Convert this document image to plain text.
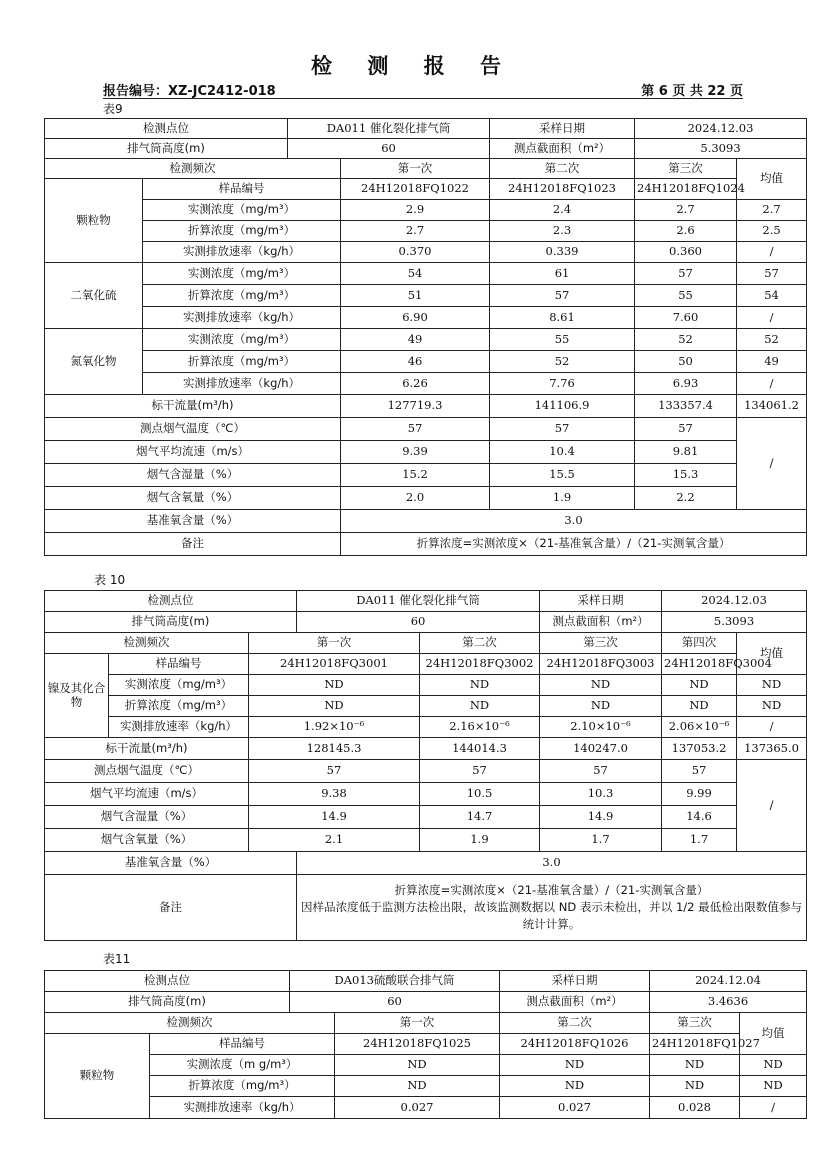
检 测 报 告
报告编号：XZ-JC2412-018	第 6 页 共 22 页
表9
检测点位		DA011 催化裂化排气筒		采样日期	2024.12.03	
排气筒高度(m)		60		测点截面积（m²）	5.3093	
检测频次			第一次	第二次	第三次	均值
颗粒物	样品编号		24H12018FQ1022	24H12018FQ1023	24H12018FQ1024	
	实测浓度（mg/m³）		2.9	2.4	2.7	2.7
	折算浓度（mg/m³）		2.7	2.3	2.6	2.5
	实测排放速率（kg/h）		0.370	0.339	0.360	/
二氧化硫	实测浓度（mg/m³）		54	61	57	57
	折算浓度（mg/m³）		51	57	55	54
	实测排放速率（kg/h）		6.90	8.61	7.60	/
氮氧化物	实测浓度（mg/m³）		49	55	52	52
	折算浓度（mg/m³）		46	52	50	49
	实测排放速率（kg/h）		6.26	7.76	6.93	/
标干流量(m³/h)			127719.3	141106.9	133357.4	134061.2
测点烟气温度（℃）			57	57	57	/
烟气平均流速（m/s）			9.39	10.4	9.81	
烟气含湿量（%）			15.2	15.5	15.3	
烟气含氧量（%）			2.0	1.9	2.2	
基准氧含量（%）			3.0			
备注			折算浓度=实测浓度×（21-基准氧含量）/（21-实测氧含量）			
表 10
检测点位			DA011 催化裂化排气筒		采样日期	2024.12.03	
排气筒高度(m)			60		测点截面积（m²）	5.3093	
检测频次		第一次		第二次	第三次	第四次	均值
镍及其化合物	样品编号	24H12018FQ3001		24H12018FQ3002	24H12018FQ3003	24H12018FQ3004	
	实测浓度（mg/m³）	ND		ND	ND	ND	ND
	折算浓度（mg/m³）	ND		ND	ND	ND	ND
	实测排放速率（kg/h）	1.92×10⁻⁶		2.16×10⁻⁶	2.10×10⁻⁶	2.06×10⁻⁶	/
标干流量(m³/h)		128145.3		144014.3	140247.0	137053.2	137365.0
测点烟气温度（℃）		57		57	57	57	/
烟气平均流速（m/s）		9.38		10.5	10.3	9.99	
烟气含湿量（%）		14.9		14.7	14.9	14.6	
烟气含氧量（%）		2.1		1.9	1.7	1.7	
基准氧含量（%）			3.0				
备注			折算浓度=实测浓度×（21-基准氧含量）/（21-实测氧含量）
因样品浓度低于监测方法检出限，故该监测数据以 ND 表示未检出，并以 1/2 最低检出限数值参与统计计算。				
表11
检测点位		DA013硫酸联合排气筒		采样日期	2024.12.04	
排气筒高度(m)		60		测点截面积（m²）	3.4636	
检测频次			第一次	第二次	第三次	均值
颗粒物	样品编号		24H12018FQ1025	24H12018FQ1026	24H12018FQ1027	
	实测浓度（m g/m³）		ND	ND	ND	ND
	折算浓度（mg/m³）		ND	ND	ND	ND
	实测排放速率（kg/h）		0.027	0.027	0.028	/
